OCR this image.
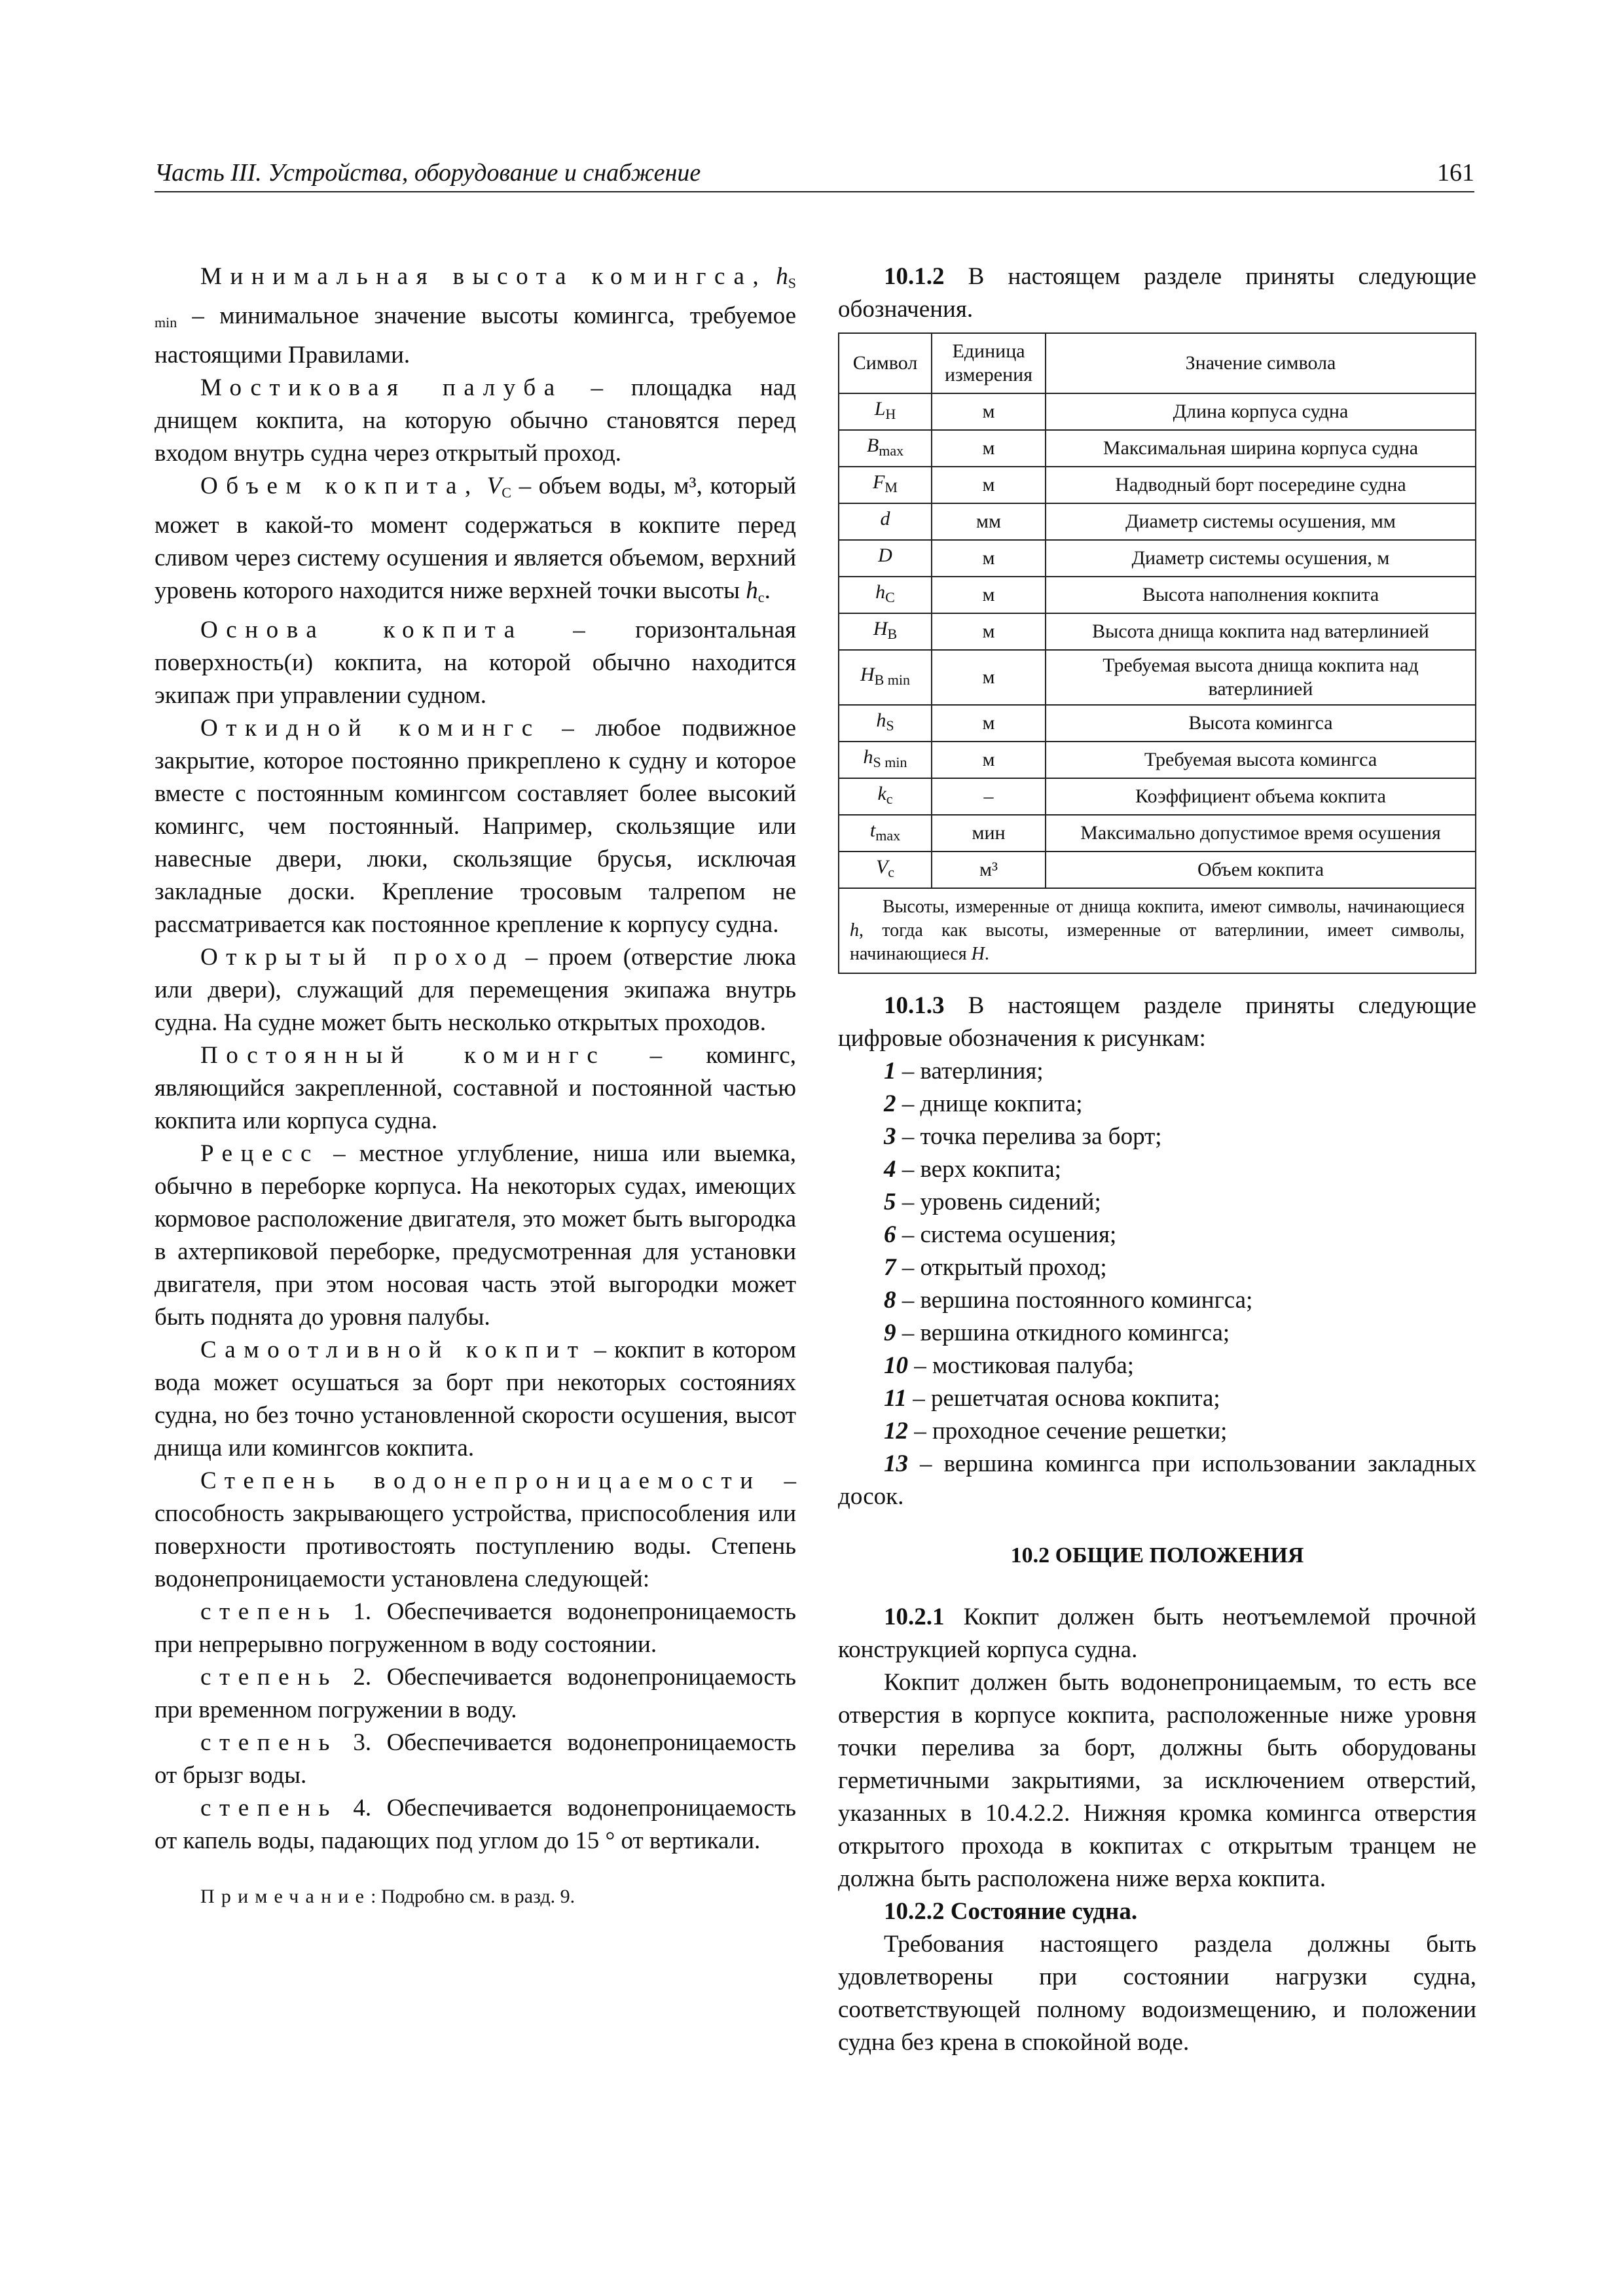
Часть III. Устройства, оборудование и снабжение	161

Минимальная высота комингса, $h_{S min}$ – минимальное значение высоты комингса, требуемое настоящими Правилами.

Мостиковая палуба – площадка над днищем кокпита, на которую обычно становятся перед входом внутрь судна через открытый проход.

Объем кокпита, $V_C$ – объем воды, м³, который может в какой-то момент содержаться в кокпите перед сливом через систему осушения и является объемом, верхний уровень которого находится ниже верхней точки высоты $h_c$.

Основа кокпита – горизонтальная поверхность(и) кокпита, на которой обычно находится экипаж при управлении судном.

Откидной комингс – любое подвижное закрытие, которое постоянно прикреплено к судну и которое вместе с постоянным комингсом составляет более высокий комингс, чем постоянный. Например, скользящие или навесные двери, люки, скользящие брусья, исключая закладные доски. Крепление тросовым талрепом не рассматривается как постоянное крепление к корпусу судна.

Открытый проход – проем (отверстие люка или двери), служащий для перемещения экипажа внутрь судна. На судне может быть несколько открытых проходов.

Постоянный комингс – комингс, являющийся закрепленной, составной и постоянной частью кокпита или корпуса судна.

Рецесс – местное углубление, ниша или выемка, обычно в переборке корпуса. На некоторых судах, имеющих кормовое расположение двигателя, это может быть выгородка в ахтерпиковой переборке, предусмотренная для установки двигателя, при этом носовая часть этой выгородки может быть поднята до уровня палубы.

Самоотливной кокпит – кокпит в котором вода может осушаться за борт при некоторых состояниях судна, но без точно установленной скорости осушения, высот днища или комингсов кокпита.

Степень водонепроницаемости – способность закрывающего устройства, приспособления или поверхности противостоять поступлению воды. Степень водонепроницаемости установлена следующей:

степень 1. Обеспечивается водонепроницаемость при непрерывно погруженном в воду состоянии.

степень 2. Обеспечивается водонепроницаемость при временном погружении в воду.

степень 3. Обеспечивается водонепроницаемость от брызг воды.

степень 4. Обеспечивается водонепроницаемость от капель воды, падающих под углом до 15 ° от вертикали.

Примечание: Подробно см. в разд. 9.

10.1.2 В настоящем разделе приняты следующие обозначения.

Символ	Единица измерения	Значение символа
$L_H$	м	Длина корпуса судна
$B_{max}$	м	Максимальная ширина корпуса судна
$F_M$	м	Надводный борт посередине судна
d	мм	Диаметр системы осушения, мм
D	м	Диаметр системы осушения, м
$h_C$	м	Высота наполнения кокпита
$H_B$	м	Высота днища кокпита над ватерлинией
$H_{B min}$	м	Требуемая высота днища кокпита над ватерлинией
$h_S$	м	Высота комингса
$h_{S min}$	м	Требуемая высота комингса
$k_c$	–	Коэффициент объема кокпита
$t_{max}$	мин	Максимально допустимое время осушения
$V_c$	м³	Объем кокпита
Высоты, измеренные от днища кокпита, имеют символы, начинающиеся h, тогда как высоты, измеренные от ватерлинии, имеет символы, начинающиеся H.		

10.1.3 В настоящем разделе приняты следующие цифровые обозначения к рисункам:

1 – ватерлиния;

2 – днище кокпита;

3 – точка перелива за борт;

4 – верх кокпита;

5 – уровень сидений;

6 – система осушения;

7 – открытый проход;

8 – вершина постоянного комингса;

9 – вершина откидного комингса;

10 – мостиковая палуба;

11 – решетчатая основа кокпита;

12 – проходное сечение решетки;

13 – вершина комингса при использовании закладных досок.

10.2 ОБЩИЕ ПОЛОЖЕНИЯ

10.2.1 Кокпит должен быть неотъемлемой прочной конструкцией корпуса судна.

Кокпит должен быть водонепроницаемым, то есть все отверстия в корпусе кокпита, расположенные ниже уровня точки перелива за борт, должны быть оборудованы герметичными закрытиями, за исключением отверстий, указанных в 10.4.2.2. Нижняя кромка комингса отверстия открытого прохода в кокпитах с открытым транцем не должна быть расположена ниже верха кокпита.

10.2.2 Состояние судна.

Требования настоящего раздела должны быть удовлетворены при состоянии нагрузки судна, соответствующей полному водоизмещению, и положении судна без крена в спокойной воде.
